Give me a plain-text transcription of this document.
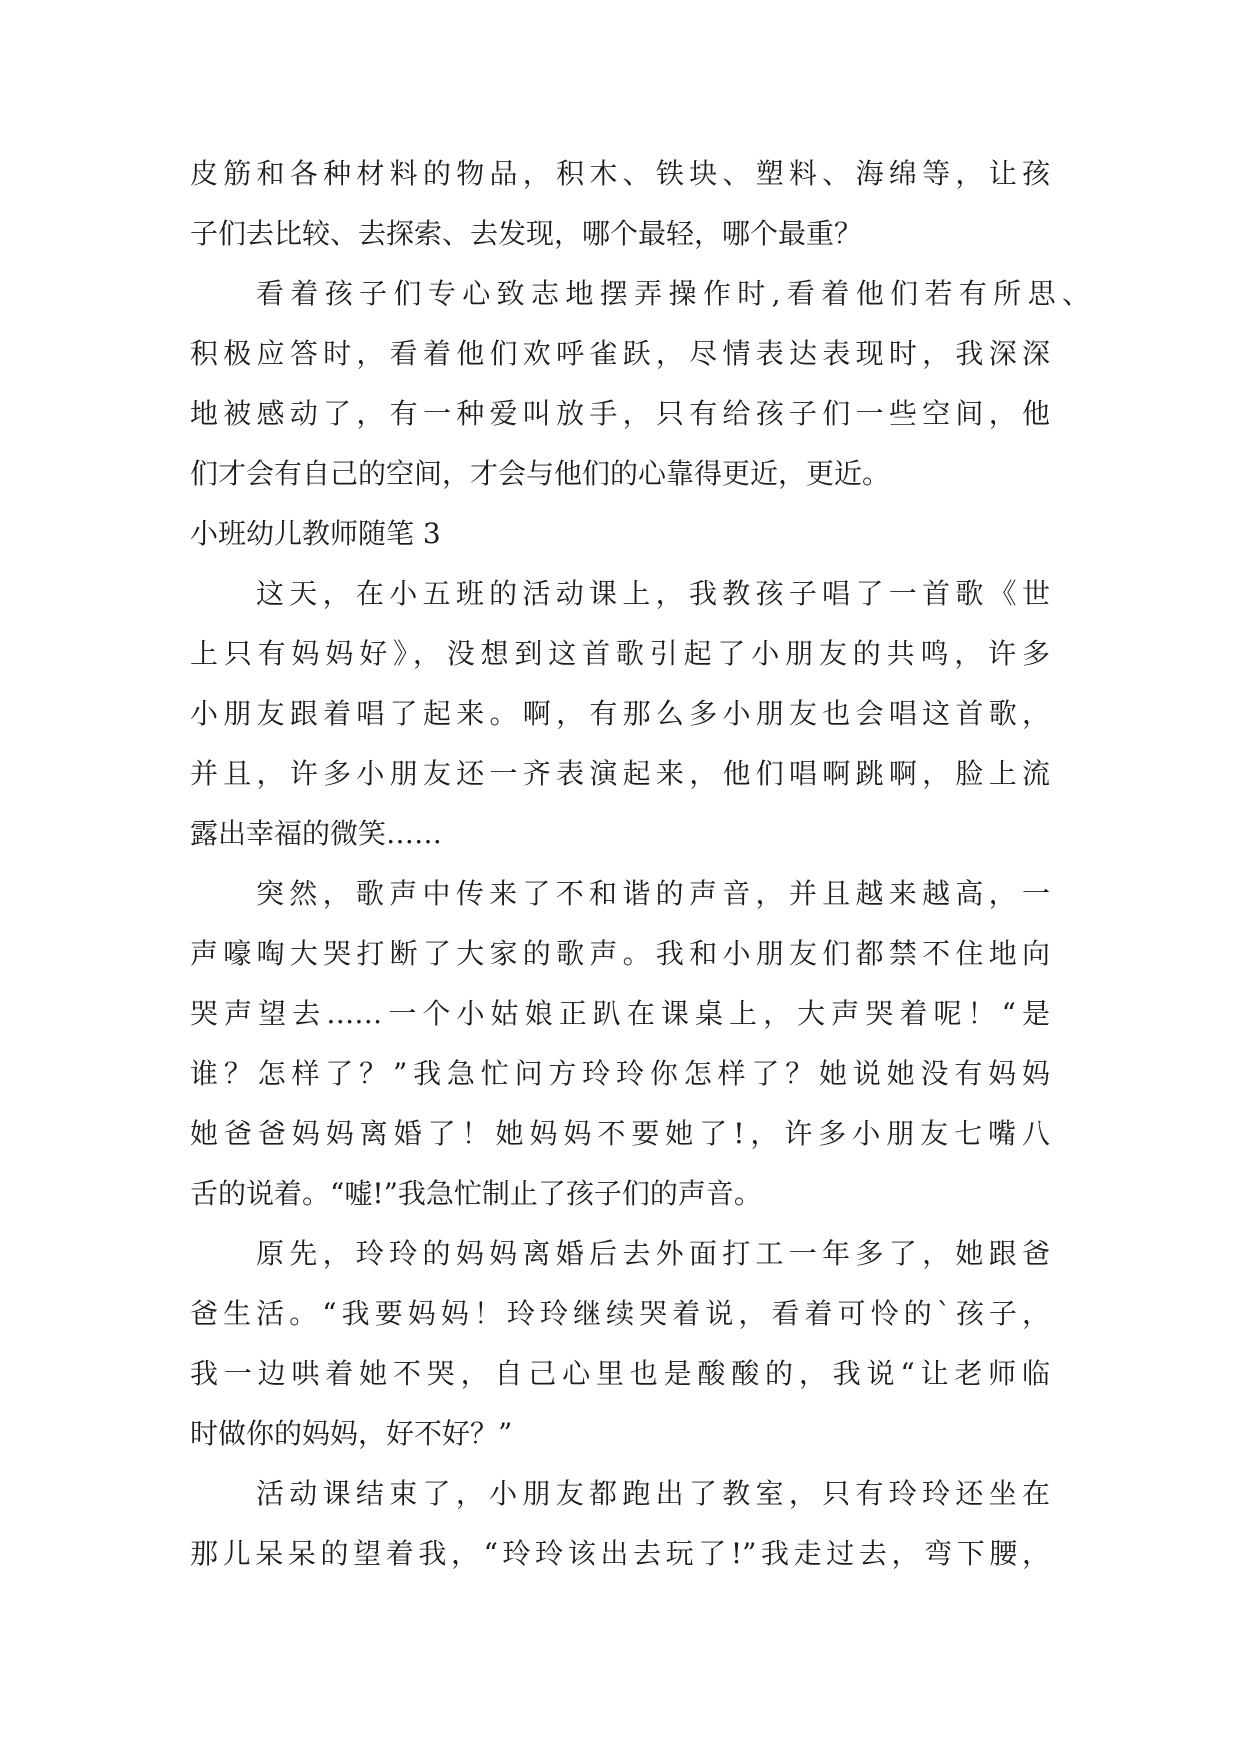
皮筋和各种材料的物品，积木、铁块、塑料、海绵等，让孩
子们去比较、去探索、去发现，哪个最轻，哪个最重？
看着孩子们专心致志地摆弄操作时,看着他们若有所思、
积极应答时，看着他们欢呼雀跃，尽情表达表现时，我深深
地被感动了，有一种爱叫放手，只有给孩子们一些空间，他
们才会有自己的空间，才会与他们的心靠得更近，更近。
小班幼儿教师随笔 3
这天，在小五班的活动课上，我教孩子唱了一首歌《世
上只有妈妈好》，没想到这首歌引起了小朋友的共鸣，许多
小朋友跟着唱了起来。啊，有那么多小朋友也会唱这首歌，
并且，许多小朋友还一齐表演起来，他们唱啊跳啊，脸上流
露出幸福的微笑……
突然，歌声中传来了不和谐的声音，并且越来越高，一
声嚎啕大哭打断了大家的歌声。我和小朋友们都禁不住地向
哭声望去……一个小姑娘正趴在课桌上，大声哭着呢！“是
谁？怎样了？”我急忙问方玲玲你怎样了？她说她没有妈妈
她爸爸妈妈离婚了！她妈妈不要她了!，许多小朋友七嘴八
舌的说着。“嘘!”我急忙制止了孩子们的声音。
原先，玲玲的妈妈离婚后去外面打工一年多了，她跟爸
爸生活。“我要妈妈！玲玲继续哭着说，看着可怜的`孩子，
我一边哄着她不哭，自己心里也是酸酸的，我说“让老师临
时做你的妈妈，好不好？”
活动课结束了，小朋友都跑出了教室，只有玲玲还坐在
那儿呆呆的望着我，“玲玲该出去玩了!”我走过去，弯下腰，
